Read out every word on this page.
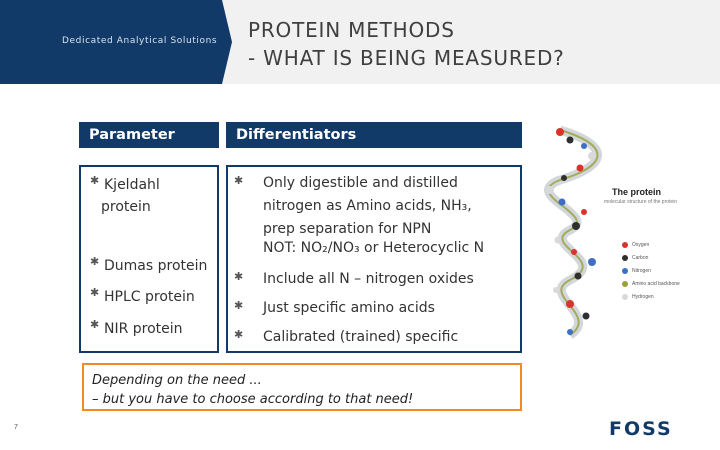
Dedicated Analytical Solutions PROTEIN METHODS
- WHAT IS BEING MEASURED?
Parameter	Differentiators
✱ Kjeldahl
protein
✱ Dumas protein
✱ HPLC protein
✱ NIR protein
✱ Only digestible and distilled
nitrogen as Amino acids, NH₃,
prep separation for NPN
NOT: NO₂/NO₃ or Heterocyclic N
✱ Include all N – nitrogen oxides
✱ Just specific amino acids
✱ Calibrated (trained) specific
Depending on the need ...
– but you have to choose according to that need!
The protein
molecular structure of the protein
Oxygen
Carbon
Nitrogen
Amino acid backbone
Hydrogen
7	FOSS
